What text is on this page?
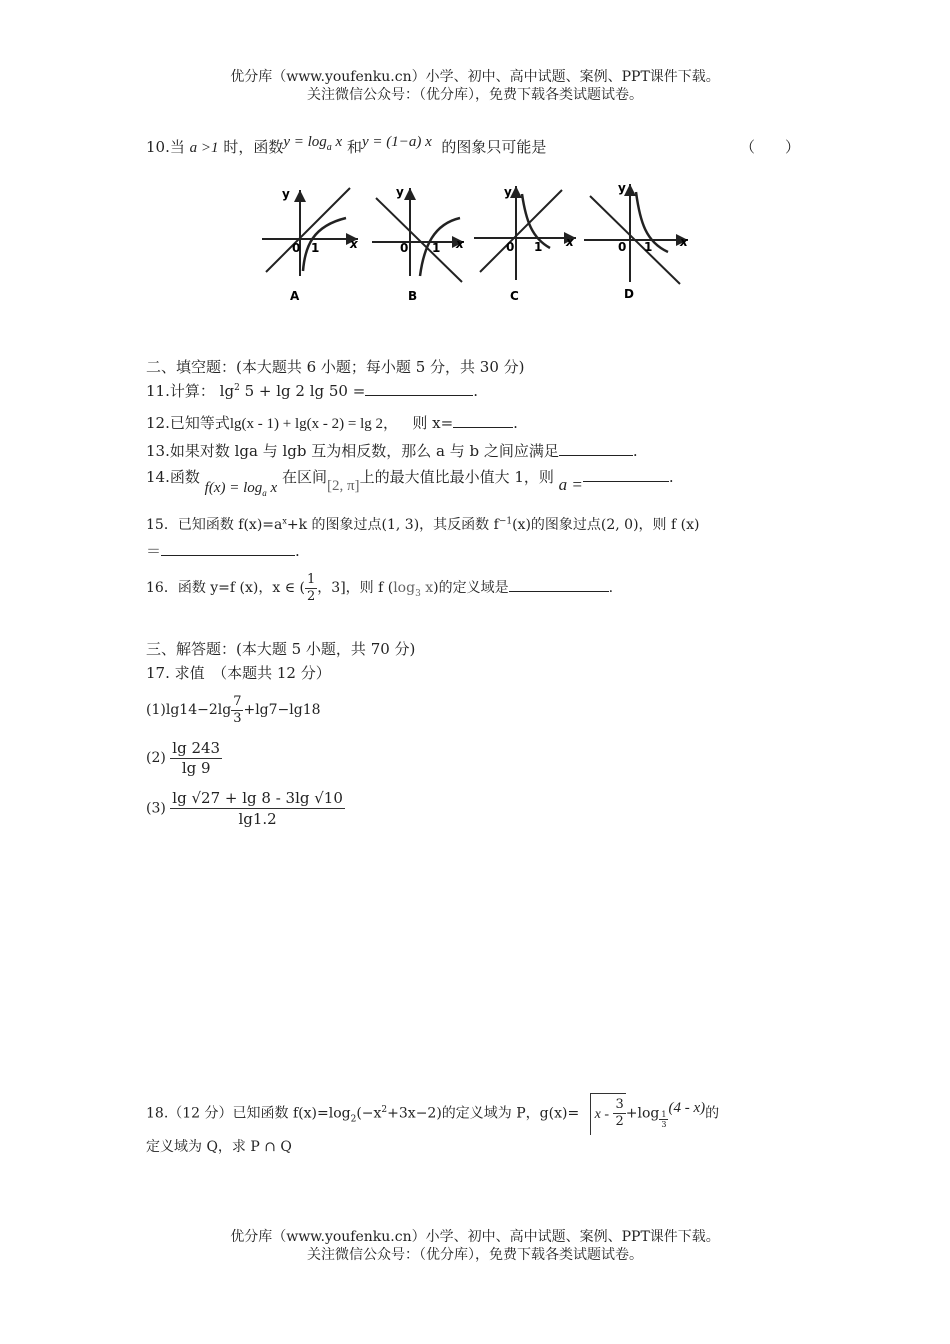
优分库（www.youfenku.cn）小学、初中、高中试题、案例、PPT课件下载。
关注微信公众号：（优分库），免费下载各类试题试卷。
10.当 a >1 时，函数$y = \log_a x$ 和y = (1−a) x 的图象只可能是	（　　）
y
x
0 1
A
y
x
0 1
B
y
x
0 1
C
y
x
0 1
D
二、填空题：(本大题共 6 小题；每小题 5 分，共 30 分)
11.计算： $\lg^2 5 + \lg 2$ lg 50 =	.
12.已知等式lg(x - 1) + lg(x - 2) = lg 2， 则 x=	.
13.如果对数 lga 与 lgb 互为相反数，那么 a 与 b 之间应满足	.
14.函数 $f(x) = \log_a x$ 在区间[2, π]上的最大值比最小值大 1，则 a =	.
15．已知函数 $f(x)=a^x+k$ 的图象过点(1, 3)，其反函数 $f^{-1}(x)$的图象过点(2, 0)，则 f (x)
＝	.
16．函数 y=f (x)，x ∈ ( $\frac{1}{2}$ ，3]，则 f ($\log_3$ x)的定义域是	.
三、解答题：(本大题 5 小题，共 70 分)
17. 求值　（本题共 12 分）
$(1)\lg 14-2\lg \frac{7}{3} +\lg 7-\lg 18$
$(2) \frac{\lg 243}{\lg 9}$
$(3) \frac{\lg √27 + \lg 8 - 3\lg √10}{\lg 1.2}$
18.（12 分）已知函数 $f(x)=\log_2(-x^2+3x-2)$的定义域为 P，$g(x)= x - \frac{3}{2} +\log \frac{1}{3}$
(4 - x)的
定义域为 Q，求 P ∩ Q
优分库（www.youfenku.cn）小学、初中、高中试题、案例、PPT课件下载。
关注微信公众号：（优分库），免费下载各类试题试卷。
